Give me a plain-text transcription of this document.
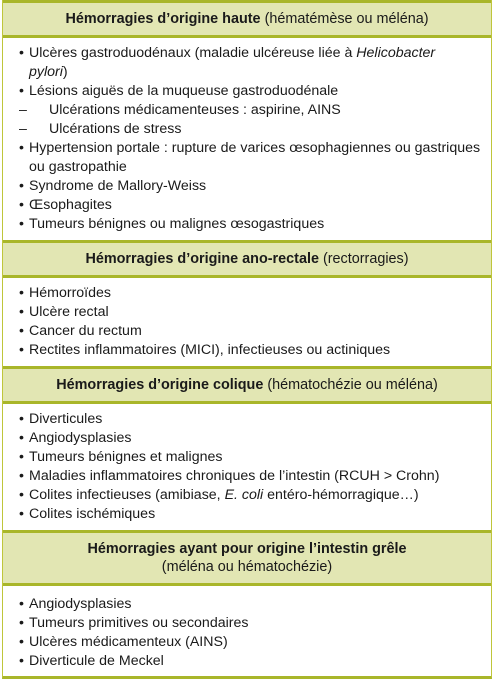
Hémorragies d’origine haute (hématémèse ou méléna)
• Ulcères gastroduodénaux (maladie ulcéreuse liée à Helicobacter
pylori)
• Lésions aiguës de la muqueuse gastroduodénale
– Ulcérations médicamenteuses : aspirine, AINS
– Ulcérations de stress
• Hypertension portale : rupture de varices œsophagiennes ou gastriques
ou gastropathie
• Syndrome de Mallory-Weiss
• Œsophagites
• Tumeurs bénignes ou malignes œsogastriques
Hémorragies d’origine ano-rectale (rectorragies)
• Hémorroïdes
• Ulcère rectal
• Cancer du rectum
• Rectites inflammatoires (MICI), infectieuses ou actiniques
Hémorragies d’origine colique (hématochézie ou méléna)
• Diverticules
• Angiodysplasies
• Tumeurs bénignes et malignes
• Maladies inflammatoires chroniques de l’intestin (RCUH > Crohn)
• Colites infectieuses (amibiase, E. coli entéro-hémorragique…)
• Colites ischémiques
Hémorragies ayant pour origine l’intestin grêle
(méléna ou hématochézie)
• Angiodysplasies
• Tumeurs primitives ou secondaires
• Ulcères médicamenteux (AINS)
• Diverticule de Meckel
